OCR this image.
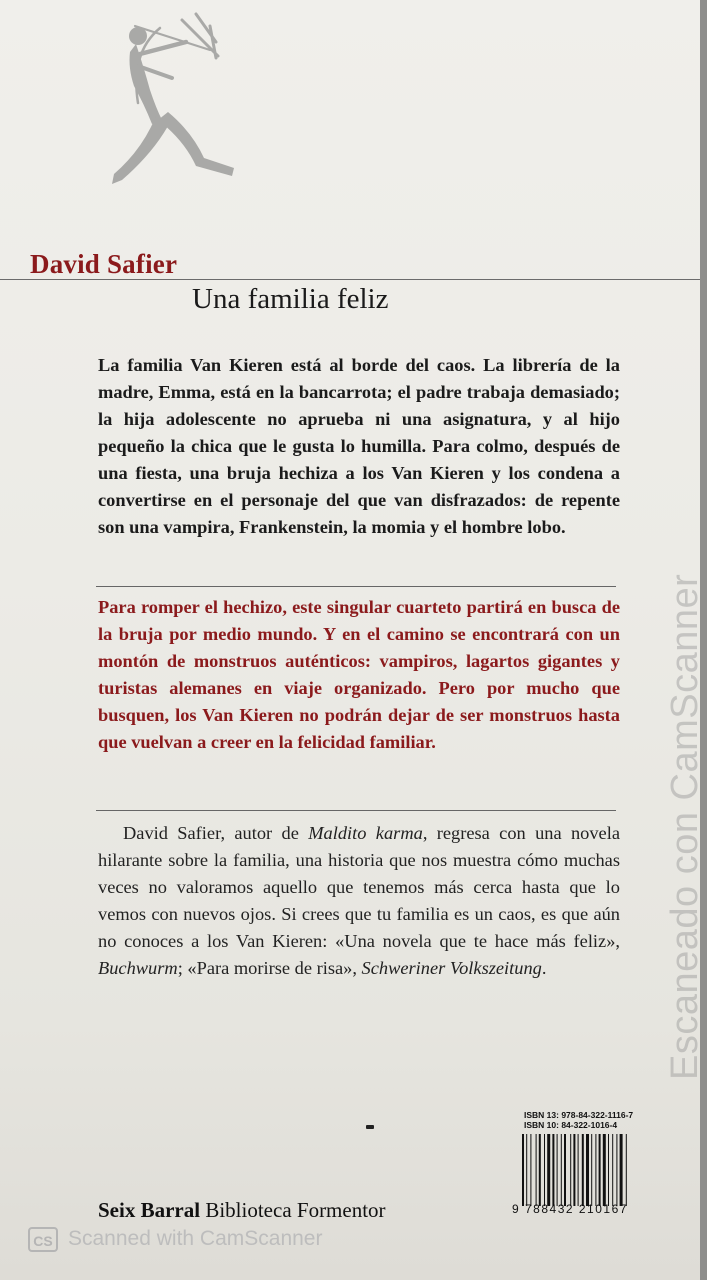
David Safier
Una familia feliz

La familia Van Kieren está al borde del caos. La librería de la madre, Emma, está en la bancarrota; el padre trabaja demasiado; la hija adolescente no aprueba ni una asignatura, y al hijo pequeño la chica que le gusta lo humilla. Para colmo, después de una fiesta, una bruja hechiza a los Van Kieren y los condena a convertirse en el personaje del que van disfrazados: de repente son una vampira, Frankenstein, la momia y el hombre lobo.

Para romper el hechizo, este singular cuarteto partirá en busca de la bruja por medio mundo. Y en el camino se encontrará con un montón de monstruos auténticos: vampiros, lagartos gigantes y turistas alemanes en viaje organizado. Pero por mucho que busquen, los Van Kieren no podrán dejar de ser monstruos hasta que vuelvan a creer en la felicidad familiar.

David Safier, autor de Maldito karma, regresa con una novela hilarante sobre la familia, una historia que nos muestra cómo muchas veces no valoramos aquello que tenemos más cerca hasta que lo vemos con nuevos ojos. Si crees que tu familia es un caos, es que aún no conoces a los Van Kieren: «Una novela que te hace más feliz», Buchwurm; «Para morirse de risa», Schweriner Volkszeitung.

ISBN 13: 978-84-322-1116-7
ISBN 10: 84-322-1016-4
9 788432 210167

Seix Barral Biblioteca Formentor

Escaneado con CamScanner
CS Scanned with CamScanner
